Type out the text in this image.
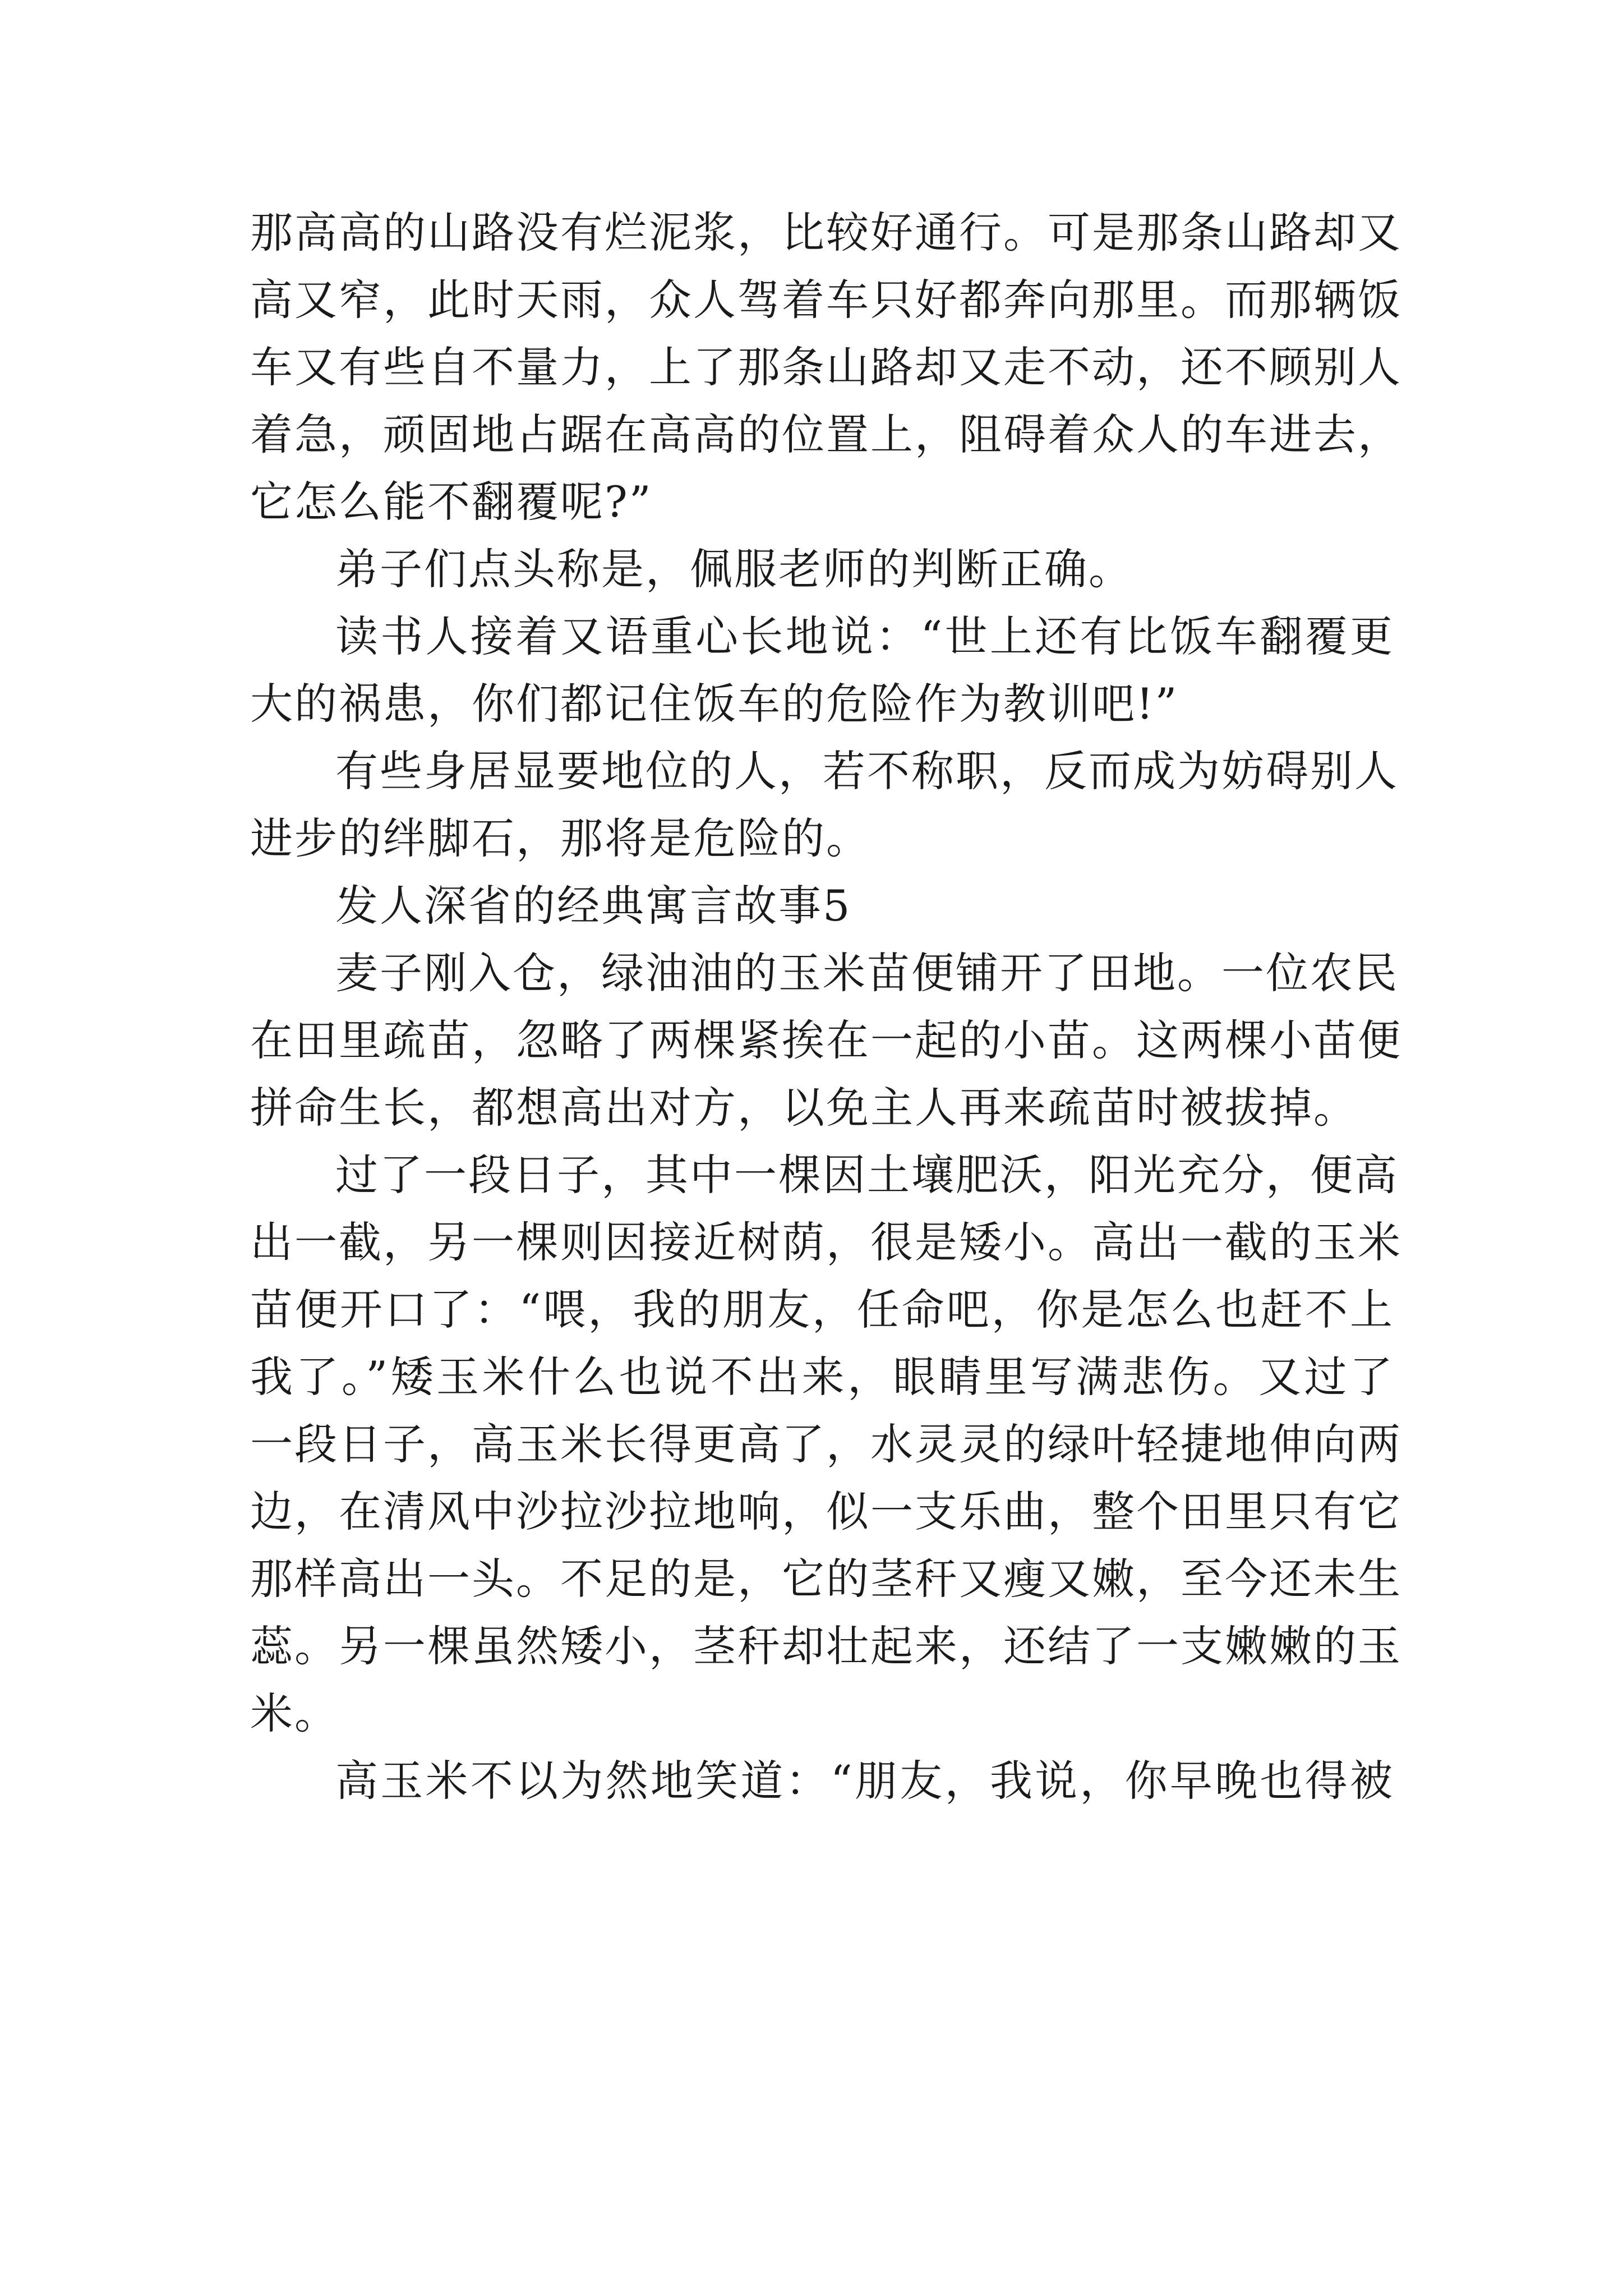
那高高的山路没有烂泥浆，比较好通行。可是那条山路却又
高又窄，此时天雨，众人驾着车只好都奔向那里。而那辆饭
车又有些自不量力，上了那条山路却又走不动，还不顾别人
着急，顽固地占踞在高高的位置上，阻碍着众人的车进去，
它怎么能不翻覆呢?”
弟子们点头称是，佩服老师的判断正确。
读书人接着又语重心长地说：“世上还有比饭车翻覆更
大的祸患，你们都记住饭车的危险作为教训吧!”
有些身居显要地位的人，若不称职，反而成为妨碍别人
进步的绊脚石，那将是危险的。
发人深省的经典寓言故事5
麦子刚入仓，绿油油的玉米苗便铺开了田地。一位农民
在田里疏苗，忽略了两棵紧挨在一起的小苗。这两棵小苗便
拼命生长，都想高出对方，以免主人再来疏苗时被拔掉。
过了一段日子，其中一棵因土壤肥沃，阳光充分，便高
出一截，另一棵则因接近树荫，很是矮小。高出一截的玉米
苗便开口了：“喂，我的朋友，任命吧，你是怎么也赶不上
我了。”矮玉米什么也说不出来，眼睛里写满悲伤。又过了
一段日子，高玉米长得更高了，水灵灵的绿叶轻捷地伸向两
边，在清风中沙拉沙拉地响，似一支乐曲，整个田里只有它
那样高出一头。不足的是，它的茎秆又瘦又嫩，至今还未生
蕊。另一棵虽然矮小，茎秆却壮起来，还结了一支嫩嫩的玉
米。
高玉米不以为然地笑道：“朋友，我说，你早晚也得被
